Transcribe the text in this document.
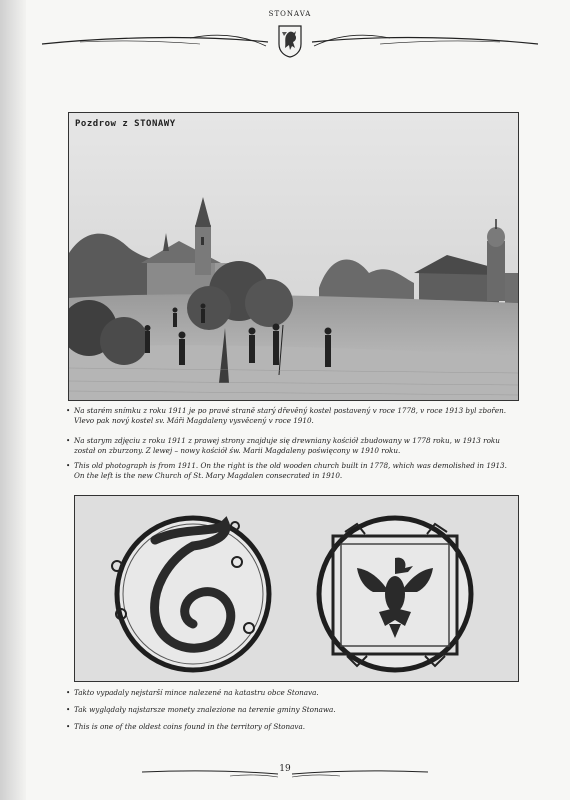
STONAVA
Pozdrow z STONAWY
• Na starém snímku z roku 1911 je po pravé straně starý dřevěný kostel postavený v roce 1778, v roce 1913 byl zbořen. Vlevo pak nový kostel sv. Máři Magdaleny vysvěcený v roce 1910.
• Na starym zdjęciu z roku 1911 z prawej strony znajduje się drewniany kościół zbudowany w 1778 roku, w 1913 roku został on zburzony. Z lewej – nowy kościół św. Marii Magdaleny poświęcony w 1910 roku.
• This old photograph is from 1911. On the right is the old wooden church built in 1778, which was demolished in 1913. On the left is the new Church of St. Mary Magdalen consecrated in 1910.
• Takto vypadaly nejstarší mince nalezené na katastru obce Stonava.
• Tak wyglądały najstarsze monety znalezione na terenie gminy Stonawa.
• This is one of the oldest coins found in the territory of Stonava.
19
